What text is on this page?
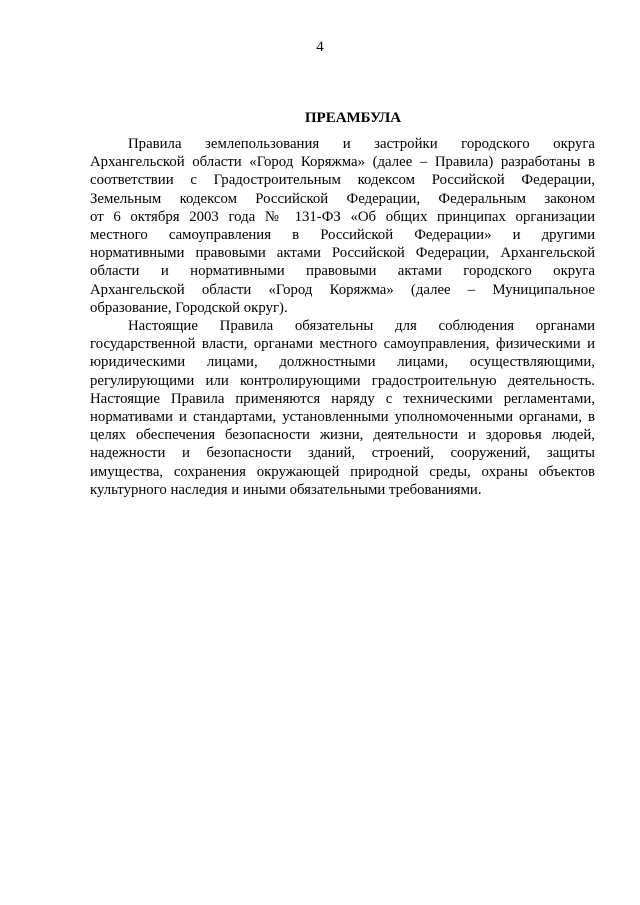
4
ПРЕАМБУЛА

Правила землепользования и застройки городского округа
Архангельской области «Город Коряжма» (далее – Правила) разработаны в
соответствии с Градостроительным кодексом Российской Федерации,
Земельным кодексом Российской Федерации, Федеральным законом
от 6 октября 2003 года № 131-ФЗ «Об общих принципах организации
местного самоуправления в Российской Федерации» и другими
нормативными правовыми актами Российской Федерации, Архангельской
области и нормативными правовыми актами городского округа
Архангельской области «Город Коряжма» (далее – Муниципальное
образование, Городской округ).

Настоящие Правила обязательны для соблюдения органами
государственной власти, органами местного самоуправления, физическими и
юридическими лицами, должностными лицами, осуществляющими,
регулирующими или контролирующими градостроительную деятельность.
Настоящие Правила применяются наряду с техническими регламентами,
нормативами и стандартами, установленными уполномоченными органами, в
целях обеспечения безопасности жизни, деятельности и здоровья людей,
надежности и безопасности зданий, строений, сооружений, защиты
имущества, сохранения окружающей природной среды, охраны объектов
культурного наследия и иными обязательными требованиями.
